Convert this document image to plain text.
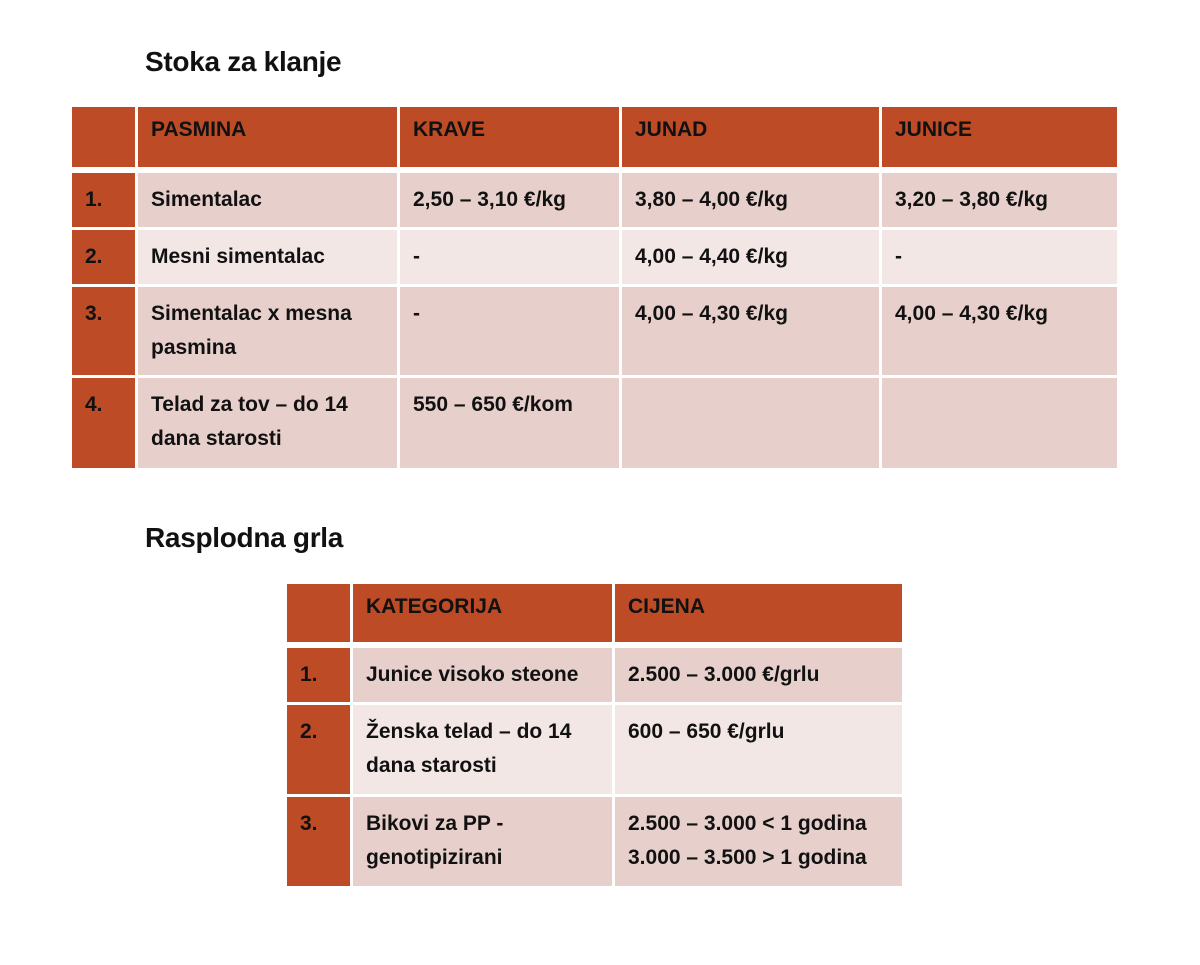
Stoka za klanje
	PASMINA	KRAVE	JUNAD	JUNICE
1.	Simentalac	2,50 – 3,10 €/kg	3,80 – 4,00 €/kg	3,20 – 3,80 €/kg
2.	Mesni simentalac	-	4,00 – 4,40 €/kg	-
3.	Simentalac x mesna pasmina	-	4,00 – 4,30 €/kg	4,00 – 4,30 €/kg
4.	Telad za tov – do 14 dana starosti	550 – 650 €/kom		
Rasplodna grla
	KATEGORIJA	CIJENA
1.	Junice visoko steone	2.500 – 3.000 €/grlu

2.	Ženska telad – do 14 dana starosti	600 – 650 €/grlu

3.	Bikovi za PP - genotipizirani	2.500 – 3.000 < 1 godina
3.000 – 3.500 > 1 godina
